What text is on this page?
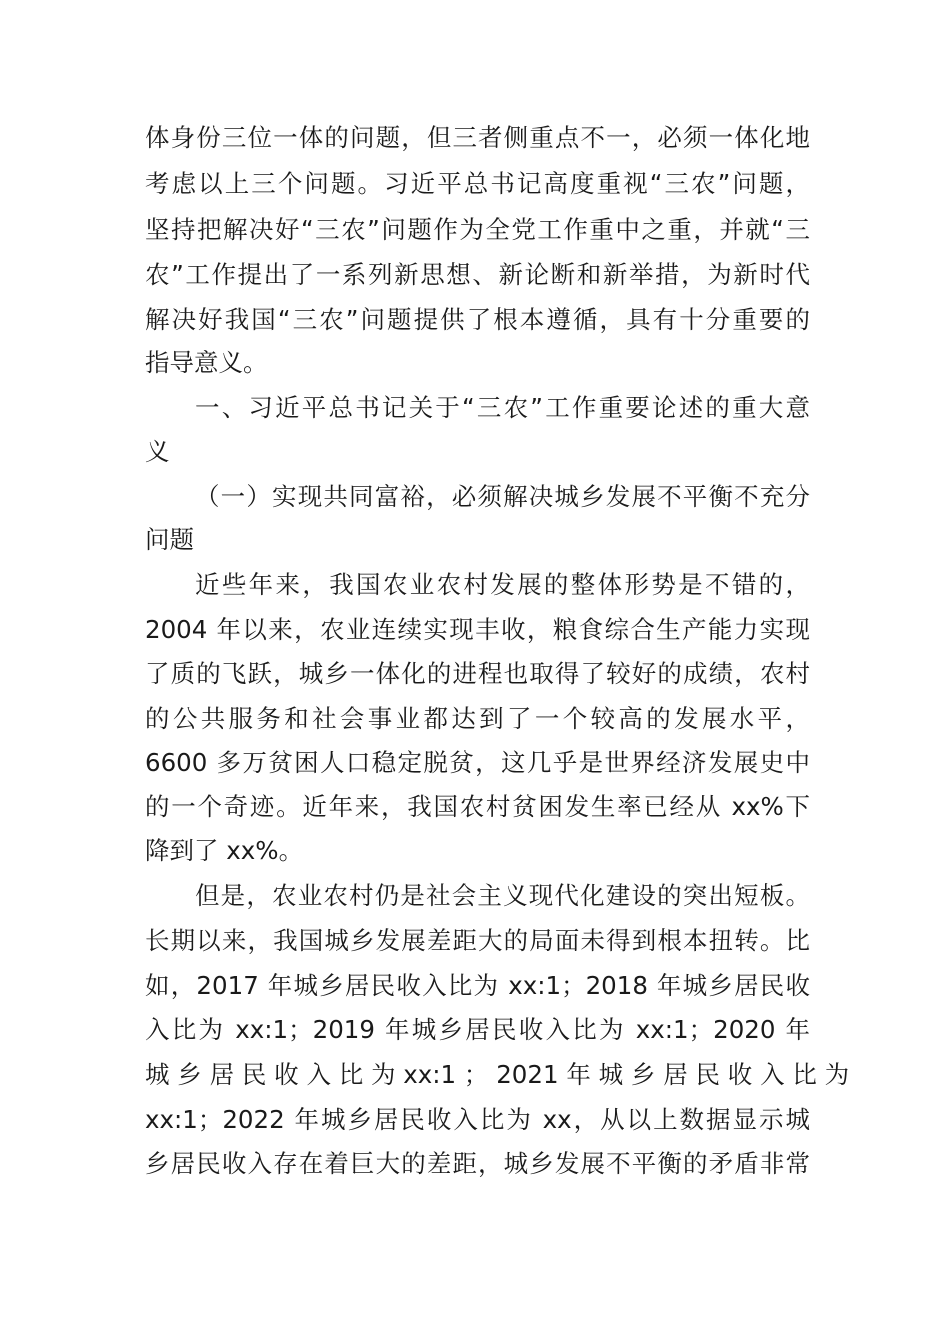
体身份三位一体的问题，但三者侧重点不一，必须一体化地
考虑以上三个问题。习近平总书记高度重视“三农”问题，
坚持把解决好“三农”问题作为全党工作重中之重，并就“三
农”工作提出了一系列新思想、新论断和新举措，为新时代
解决好我国“三农”问题提供了根本遵循，具有十分重要的
指导意义。
一、习近平总书记关于“三农”工作重要论述的重大意
义
（一）实现共同富裕，必须解决城乡发展不平衡不充分
问题
近些年来，我国农业农村发展的整体形势是不错的，
2004 年以来，农业连续实现丰收，粮食综合生产能力实现
了质的飞跃，城乡一体化的进程也取得了较好的成绩，农村
的公共服务和社会事业都达到了一个较高的发展水平，
6600 多万贫困人口稳定脱贫，这几乎是世界经济发展史中
的一个奇迹。近年来，我国农村贫困发生率已经从 xx%下
降到了 xx%。
但是，农业农村仍是社会主义现代化建设的突出短板。
长期以来，我国城乡发展差距大的局面未得到根本扭转。比
如，2017 年城乡居民收入比为 xx:1；2018 年城乡居民收
入比为 xx:1；2019 年城乡居民收入比为 xx:1；2020 年
城 乡 居 民 收 入 比 为 xx:1 ； 2021 年 城 乡 居 民 收 入 比 为
xx:1；2022 年城乡居民收入比为 xx，从以上数据显示城
乡居民收入存在着巨大的差距，城乡发展不平衡的矛盾非常
